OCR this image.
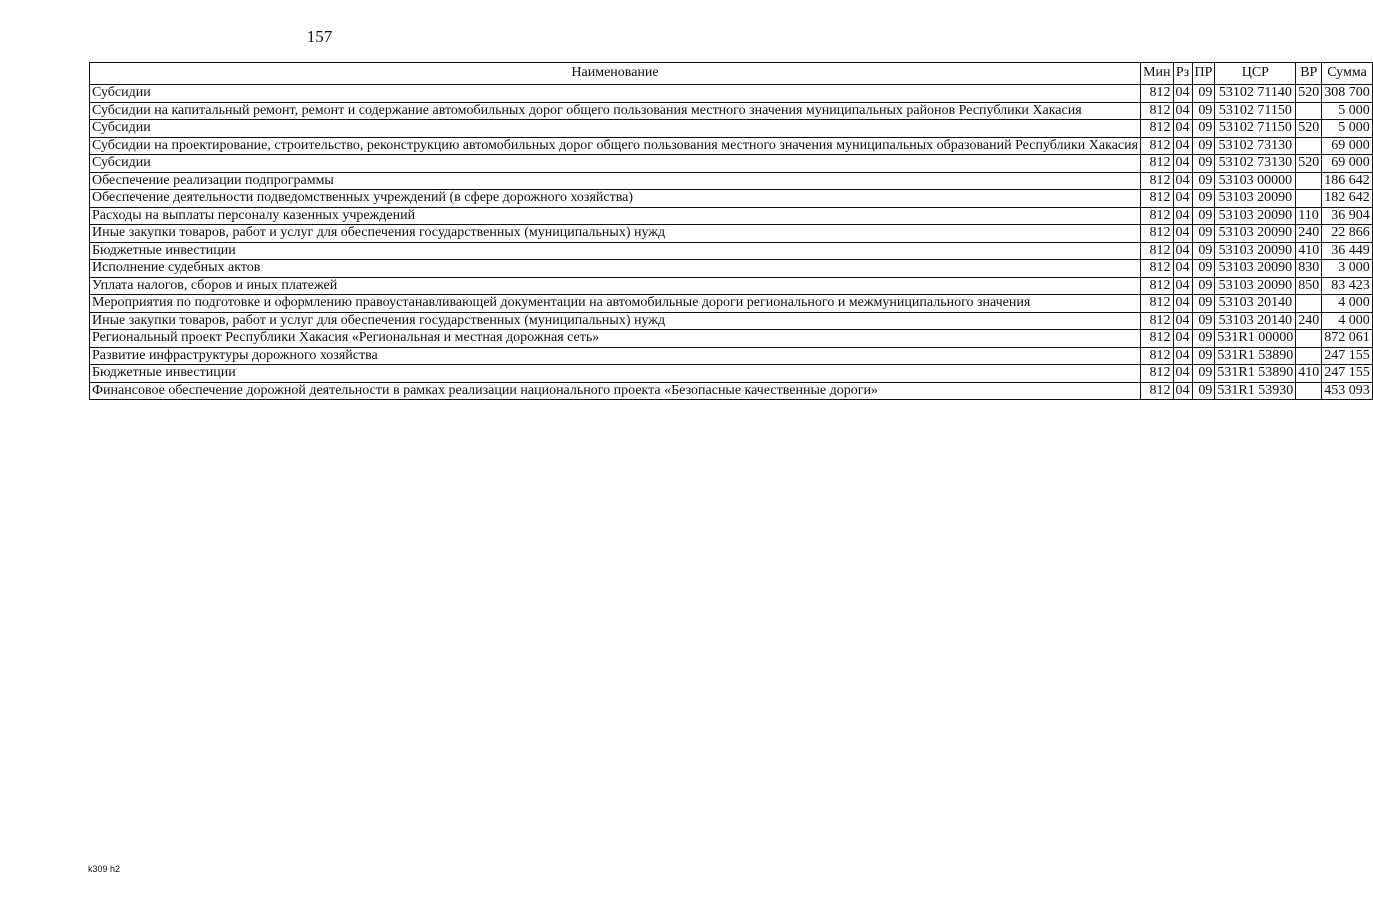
157
Наименование	Мин	Рз	ПР	ЦСР	ВР	Сумма
Субсидии	812	04	09	53102 71140	520	308 700
Субсидии на капитальный ремонт, ремонт и содержание автомобильных дорог общего пользования местного значения муниципальных районов Республики Хакасия	812	04	09	53102 71150		5 000
Субсидии	812	04	09	53102 71150	520	5 000
Субсидии на проектирование, строительство, реконструкцию автомобильных дорог общего пользования местного значения муниципальных образований Республики Хакасия	812	04	09	53102 73130		69 000
Субсидии	812	04	09	53102 73130	520	69 000
Обеспечение реализации подпрограммы	812	04	09	53103 00000		186 642
Обеспечение деятельности подведомственных учреждений (в сфере дорожного хозяйства)	812	04	09	53103 20090		182 642
Расходы на выплаты персоналу казенных учреждений	812	04	09	53103 20090	110	36 904
Иные закупки товаров, работ и услуг для обеспечения государственных (муниципальных) нужд	812	04	09	53103 20090	240	22 866
Бюджетные инвестиции	812	04	09	53103 20090	410	36 449
Исполнение судебных актов	812	04	09	53103 20090	830	3 000
Уплата налогов, сборов и иных платежей	812	04	09	53103 20090	850	83 423
Мероприятия по подготовке и оформлению правоустанавливающей документации на автомобильные дороги регионального и межмуниципального значения	812	04	09	53103 20140		4 000
Иные закупки товаров, работ и услуг для обеспечения государственных (муниципальных) нужд	812	04	09	53103 20140	240	4 000
Региональный проект Республики Хакасия «Региональная и местная дорожная сеть»	812	04	09	531R1 00000		872 061
Развитие инфраструктуры дорожного хозяйства	812	04	09	531R1 53890		247 155
Бюджетные инвестиции	812	04	09	531R1 53890	410	247 155
Финансовое обеспечение дорожной деятельности в рамках реализации национального проекта «Безопасные качественные дороги»	812	04	09	531R1 53930		453 093
k309 h2
